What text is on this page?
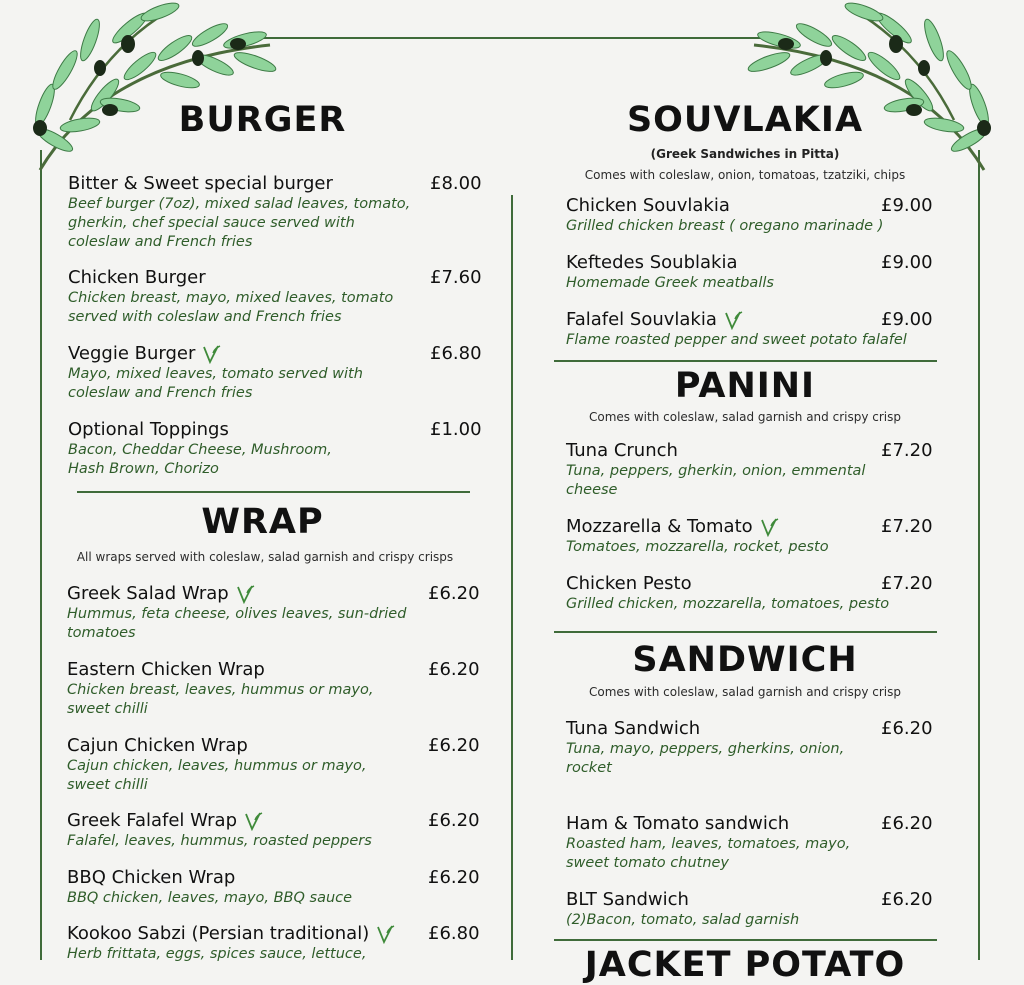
BURGER
Bitter & Sweet special burger	£8.00
Beef burger (7oz), mixed salad leaves, tomato,
gherkin, chef special sauce served with
coleslaw and French fries
Chicken Burger	£7.60
Chicken breast, mayo, mixed leaves, tomato
served with coleslaw and French fries
Veggie Burger	£6.80
Mayo, mixed leaves, tomato served with
coleslaw and French fries
Optional Toppings	£1.00
Bacon, Cheddar Cheese, Mushroom,
Hash Brown, Chorizo
WRAP
All wraps served with coleslaw, salad garnish and crispy crisps
Greek Salad Wrap	£6.20
Hummus, feta cheese, olives leaves, sun-dried
tomatoes
Eastern Chicken Wrap	£6.20
Chicken breast, leaves, hummus or mayo,
sweet chilli
Cajun Chicken Wrap	£6.20
Cajun chicken, leaves, hummus or mayo,
sweet chilli
Greek Falafel Wrap	£6.20
Falafel, leaves, hummus, roasted peppers
BBQ Chicken Wrap	£6.20
BBQ chicken, leaves, mayo, BBQ sauce
Kookoo Sabzi (Persian traditional)	£6.80
Herb frittata, eggs, spices sauce, lettuce,
SOUVLAKIA
(Greek Sandwiches in Pitta)
Comes with coleslaw, onion, tomatoas, tzatziki, chips
Chicken Souvlakia	£9.00
Grilled chicken breast ( oregano marinade )
Keftedes Soublakia	£9.00
Homemade Greek meatballs
Falafel Souvlakia	£9.00
Flame roasted pepper and sweet potato falafel
PANINI
Comes with coleslaw, salad garnish and crispy crisp
Tuna Crunch	£7.20
Tuna, peppers, gherkin, onion, emmental
cheese
Mozzarella & Tomato	£7.20
Tomatoes, mozzarella, rocket, pesto
Chicken Pesto	£7.20
Grilled chicken, mozzarella, tomatoes, pesto
SANDWICH
Comes with coleslaw, salad garnish and crispy crisp
Tuna Sandwich	£6.20
Tuna, mayo, peppers, gherkins, onion,
rocket
Ham & Tomato sandwich	£6.20
Roasted ham, leaves, tomatoes, mayo,
sweet tomato chutney
BLT Sandwich	£6.20
(2)Bacon, tomato, salad garnish
JACKET POTATO
